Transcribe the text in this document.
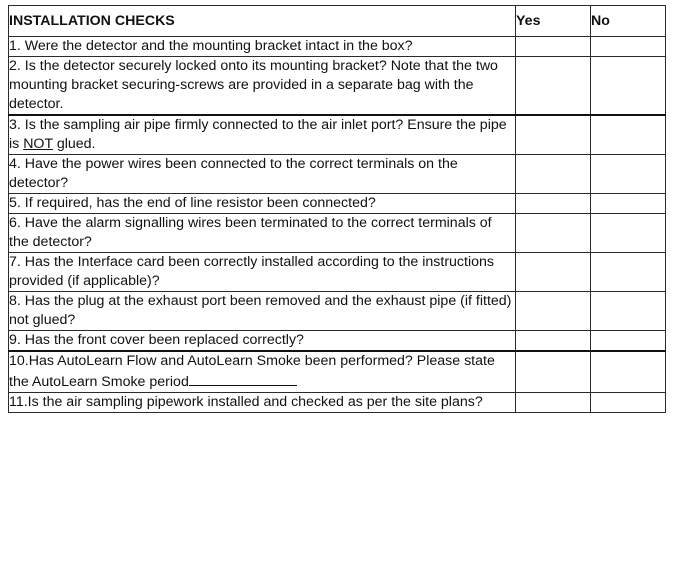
INSTALLATION CHECKS	Yes	No
1. Were the detector and the mounting bracket intact in the box?		
2. Is the detector securely locked onto its mounting bracket? Note that the two mounting bracket securing-screws are provided in a separate bag with the detector.		
3. Is the sampling air pipe firmly connected to the air inlet port? Ensure the pipe is NOT glued.		
4. Have the power wires been connected to the correct terminals on the detector?		
5. If required, has the end of line resistor been connected?		
6. Have the alarm signalling wires been terminated to the correct terminals of the detector?		
7. Has the Interface card been correctly installed according to the instructions provided (if applicable)?		
8. Has the plug at the exhaust port been removed and the exhaust pipe (if fitted) not glued?		
9. Has the front cover been replaced correctly?		
10.Has AutoLearn Flow and AutoLearn Smoke been performed? Please state the AutoLearn Smoke period		
11.Is the air sampling pipework installed and checked as per the site plans?		
